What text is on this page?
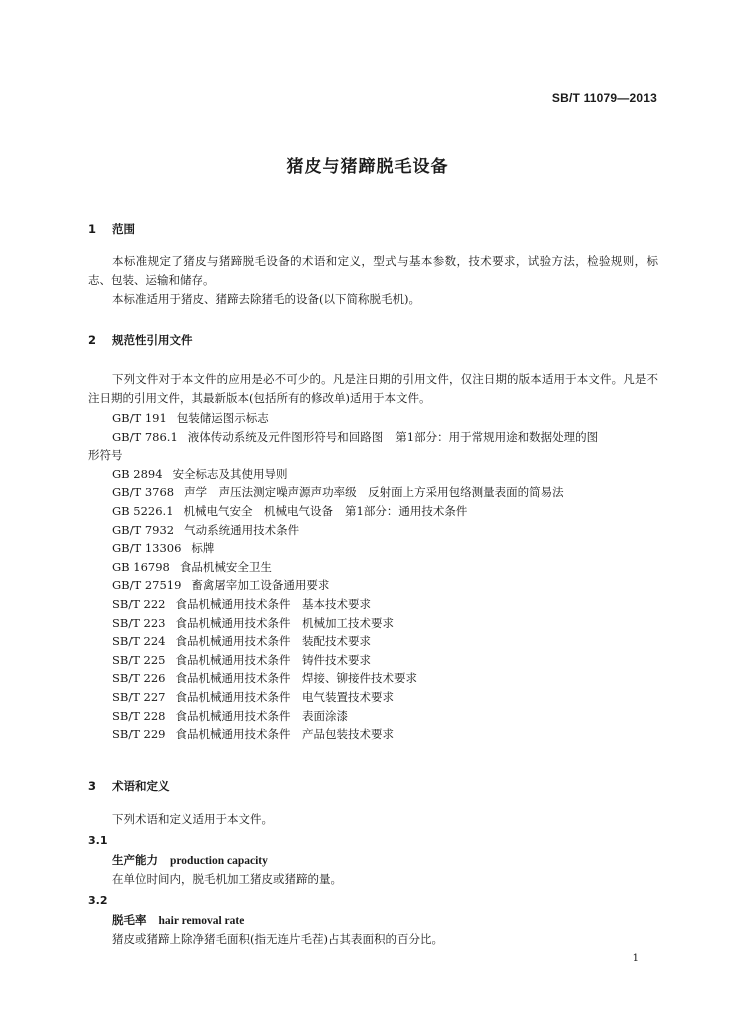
SB/T 11079—2013
猪皮与猪蹄脱毛设备
1 范围
本标准规定了猪皮与猪蹄脱毛设备的术语和定义，型式与基本参数，技术要求，试验方法，检验规则，标志、包装、运输和储存。
本标准适用于猪皮、猪蹄去除猪毛的设备(以下简称脱毛机)。
2 规范性引用文件
下列文件对于本文件的应用是必不可少的。凡是注日期的引用文件，仅注日期的版本适用于本文件。凡是不注日期的引用文件，其最新版本(包括所有的修改单)适用于本文件。
GB/T 191 包装储运图示标志
GB/T 786.1 液体传动系统及元件图形符号和回路图 第1部分：用于常规用途和数据处理的图
形符号
GB 2894 安全标志及其使用导则
GB/T 3768 声学　声压法测定噪声源声功率级　反射面上方采用包络测量表面的简易法
GB 5226.1 机械电气安全　机械电气设备 第1部分：通用技术条件
GB/T 7932 气动系统通用技术条件
GB/T 13306 标牌
GB 16798 食品机械安全卫生
GB/T 27519 畜禽屠宰加工设备通用要求
SB/T 222 食品机械通用技术条件　基本技术要求
SB/T 223 食品机械通用技术条件　机械加工技术要求
SB/T 224 食品机械通用技术条件　装配技术要求
SB/T 225 食品机械通用技术条件　铸件技术要求
SB/T 226 食品机械通用技术条件　焊接、铆接件技术要求
SB/T 227 食品机械通用技术条件　电气装置技术要求
SB/T 228 食品机械通用技术条件　表面涂漆
SB/T 229 食品机械通用技术条件　产品包装技术要求
3 术语和定义
下列术语和定义适用于本文件。
3.1
生产能力 production capacity
在单位时间内，脱毛机加工猪皮或猪蹄的量。
3.2
脱毛率 hair removal rate
猪皮或猪蹄上除净猪毛面积(指无连片毛茬)占其表面积的百分比。
1
